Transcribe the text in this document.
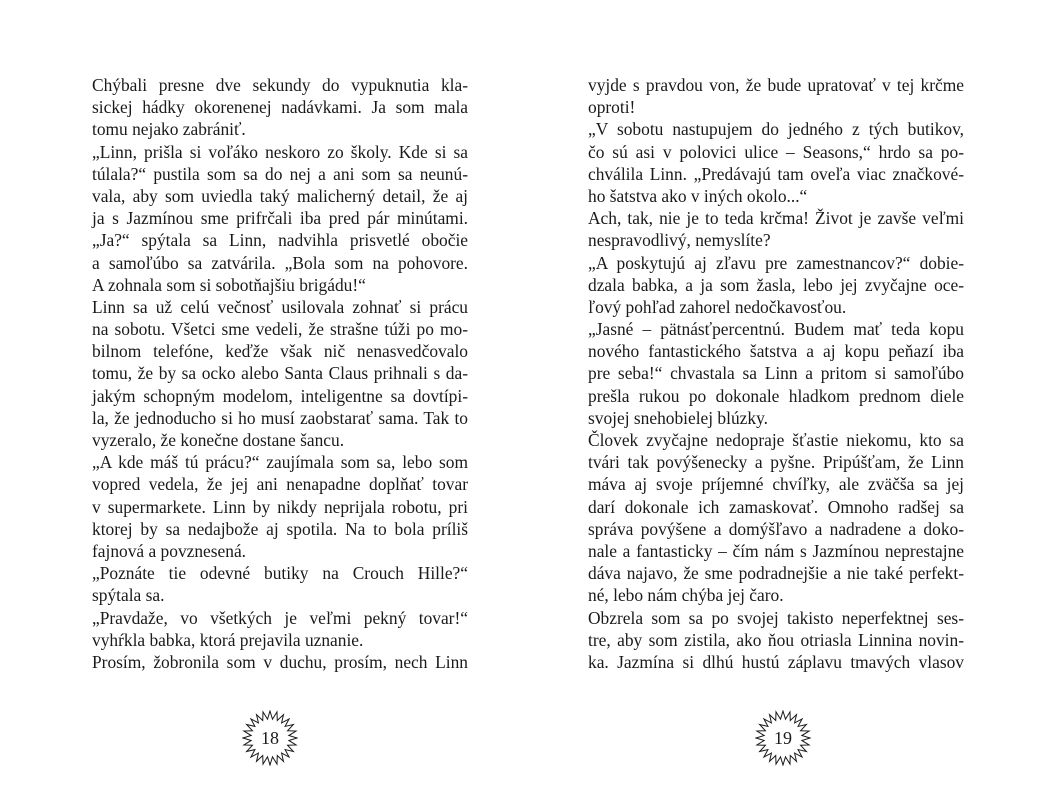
Chýbali presne dve sekundy do vypuknutia kla-
sickej hádky okorenenej nadávkami. Ja som mala
tomu nejako zabrániť.
„Linn, prišla si voľáko neskoro zo školy. Kde si sa
túlala?“ pustila som sa do nej a ani som sa neunú-
vala, aby som uviedla taký malicherný detail, že aj
ja s Jazmínou sme prifrčali iba pred pár minútami.
„Ja?“ spýtala sa Linn, nadvihla prisvetlé obočie
a samoľúbo sa zatvárila. „Bola som na pohovore.
A zohnala som si sobotňajšiu brigádu!“
Linn sa už celú večnosť usilovala zohnať si prácu
na sobotu. Všetci sme vedeli, že strašne túži po mo-
bilnom telefóne, keďže však nič nenasvedčovalo
tomu, že by sa ocko alebo Santa Claus prihnali s da-
jakým schopným modelom, inteligentne sa dovtípi-
la, že jednoducho si ho musí zaobstarať sama. Tak to
vyzeralo, že konečne dostane šancu.
„A kde máš tú prácu?“ zaujímala som sa, lebo som
vopred vedela, že jej ani nenapadne doplňať tovar
v supermarkete. Linn by nikdy neprijala robotu, pri
ktorej by sa nedajbože aj spotila. Na to bola príliš
fajnová a povznesená.
„Poznáte tie odevné butiky na Crouch Hille?“
spýtala sa.
„Pravdaže, vo všetkých je veľmi pekný tovar!“
vyhŕkla babka, ktorá prejavila uznanie.
Prosím, žobronila som v duchu, prosím, nech Linn
vyjde s pravdou von, že bude upratovať v tej krčme
oproti!
„V sobotu nastupujem do jedného z tých butikov,
čo sú asi v polovici ulice – Seasons,“ hrdo sa po-
chválila Linn. „Predávajú tam oveľa viac značkové-
ho šatstva ako v iných okolo...“
Ach, tak, nie je to teda krčma! Život je zavše veľmi
nespravodlivý, nemyslíte?
„A poskytujú aj zľavu pre zamestnancov?“ dobie-
dzala babka, a ja som žasla, lebo jej zvyčajne oce-
ľový pohľad zahorel nedočkavosťou.
„Jasné – pätnásťpercentnú. Budem mať teda kopu
nového fantastického šatstva a aj kopu peňazí iba
pre seba!“ chvastala sa Linn a pritom si samoľúbo
prešla rukou po dokonale hladkom prednom diele
svojej snehobielej blúzky.
Človek zvyčajne nedopraje šťastie niekomu, kto sa
tvári tak povýšenecky a pyšne. Pripúšťam, že Linn
máva aj svoje príjemné chvíľky, ale zväčša sa jej
darí dokonale ich zamaskovať. Omnoho radšej sa
správa povýšene a domýšľavo a nadradene a doko-
nale a fantasticky – čím nám s Jazmínou neprestajne
dáva najavo, že sme podradnejšie a nie také perfekt-
né, lebo nám chýba jej čaro.
Obzrela som sa po svojej takisto neperfektnej ses-
tre, aby som zistila, ako ňou otriasla Linnina novin-
ka. Jazmína si dlhú hustú záplavu tmavých vlasov
18	19
